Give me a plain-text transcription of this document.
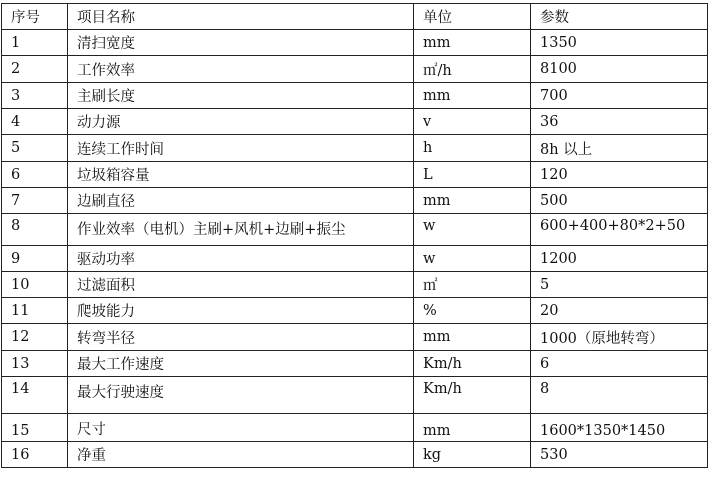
序号	项目名称	单位	参数
1	清扫宽度	mm	1350
2	工作效率	㎡/h	8100
3	主刷长度	mm	700
4	动力源	v	36
5	连续工作时间	h	8h 以上
6	垃圾箱容量	L	120
7	边刷直径	mm	500
8	作业效率（电机）主刷+风机+边刷+振尘	w	600+400+80*2+50
9	驱动功率	w	1200
10	过滤面积	㎡	5
11	爬坡能力	%	20
12	转弯半径	mm	1000（原地转弯）
13	最大工作速度	Km/h	6
14	最大行驶速度	Km/h	8
15	尺寸	mm	1600*1350*1450
16	净重	kg	530
